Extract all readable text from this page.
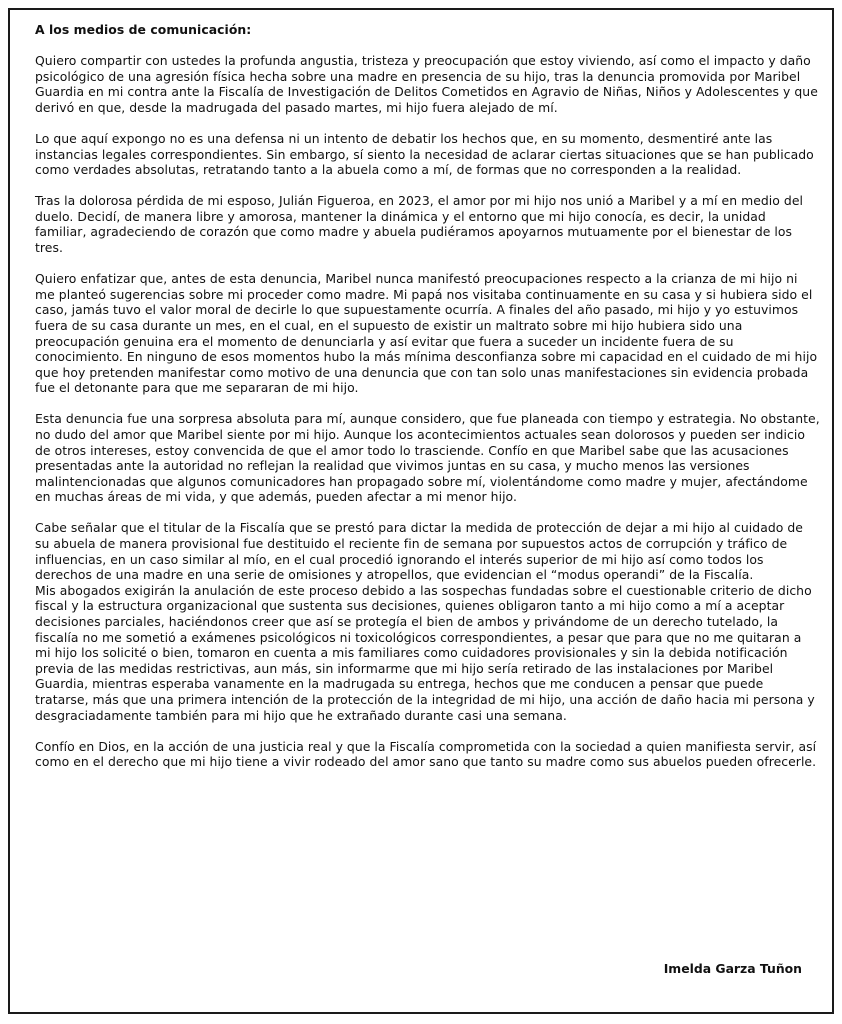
A los medios de comunicación:

Quiero compartir con ustedes la profunda angustia, tristeza y preocupación que estoy viviendo, así como el impacto y daño psicológico de una agresión física hecha sobre una madre en presencia de su hijo, tras la denuncia promovida por Maribel Guardia en mi contra ante la Fiscalía de Investigación de Delitos Cometidos en Agravio de Niñas, Niños y Adolescentes y que derivó en que, desde la madrugada del pasado martes, mi hijo fuera alejado de mí.

Lo que aquí expongo no es una defensa ni un intento de debatir los hechos que, en su momento, desmentiré ante las instancias legales correspondientes. Sin embargo, sí siento la necesidad de aclarar ciertas situaciones que se han publicado como verdades absolutas, retratando tanto a la abuela como a mí, de formas que no corresponden a la realidad.

Tras la dolorosa pérdida de mi esposo, Julián Figueroa, en 2023, el amor por mi hijo nos unió a Maribel y a mí en medio del duelo. Decidí, de manera libre y amorosa, mantener la dinámica y el entorno que mi hijo conocía, es decir, la unidad familiar, agradeciendo de corazón que como madre y abuela pudiéramos apoyarnos mutuamente por el bienestar de los tres.

Quiero enfatizar que, antes de esta denuncia, Maribel nunca manifestó preocupaciones respecto a la crianza de mi hijo ni me planteó sugerencias sobre mi proceder como madre. Mi papá nos visitaba continuamente en su casa y si hubiera sido el caso, jamás tuvo el valor moral de decirle lo que supuestamente ocurría. A finales del año pasado, mi hijo y yo estuvimos fuera de su casa durante un mes, en el cual, en el supuesto de existir un maltrato sobre mi hijo hubiera sido una preocupación genuina era el momento de denunciarla y así evitar que fuera a suceder un incidente fuera de su conocimiento. En ninguno de esos momentos hubo la más mínima desconfianza sobre mi capacidad en el cuidado de mi hijo que hoy pretenden manifestar como motivo de una denuncia que con tan solo unas manifestaciones sin evidencia probada fue el detonante para que me separaran de mi hijo.

Esta denuncia fue una sorpresa absoluta para mí, aunque considero, que fue planeada con tiempo y estrategia. No obstante, no dudo del amor que Maribel siente por mi hijo. Aunque los acontecimientos actuales sean dolorosos y pueden ser indicio de otros intereses, estoy convencida de que el amor todo lo trasciende. Confío en que Maribel sabe que las acusaciones presentadas ante la autoridad no reflejan la realidad que vivimos juntas en su casa, y mucho menos las versiones malintencionadas que algunos comunicadores han propagado sobre mí, violentándome como madre y mujer, afectándome en muchas áreas de mi vida, y que además, pueden afectar a mi menor hijo.

Cabe señalar que el titular de la Fiscalía que se prestó para dictar la medida de protección de dejar a mi hijo al cuidado de su abuela de manera provisional fue destituido el reciente fin de semana por supuestos actos de corrupción y tráfico de influencias, en un caso similar al mío, en el cual procedió ignorando el interés superior de mi hijo así como todos los derechos de una madre en una serie de omisiones y atropellos, que evidencian el “modus operandi” de la Fiscalía.

Mis abogados exigirán la anulación de este proceso debido a las sospechas fundadas sobre el cuestionable criterio de dicho fiscal y la estructura organizacional que sustenta sus decisiones, quienes obligaron tanto a mi hijo como a mí a aceptar decisiones parciales, haciéndonos creer que así se protegía el bien de ambos y privándome de un derecho tutelado, la fiscalía no me sometió a exámenes psicológicos ni toxicológicos correspondientes, a pesar que para que no me quitaran a mi hijo los solicité o bien, tomaron en cuenta a mis familiares como cuidadores provisionales y sin la debida notificación previa de las medidas restrictivas, aun más, sin informarme que mi hijo sería retirado de las instalaciones por Maribel Guardia, mientras esperaba vanamente en la madrugada su entrega, hechos que me conducen a pensar que puede tratarse, más que una primera intención de la protección de la integridad de mi hijo, una acción de daño hacia mi persona y desgraciadamente también para mi hijo que he extrañado durante casi una semana.

Confío en Dios, en la acción de una justicia real y que la Fiscalía comprometida con la sociedad a quien manifiesta servir, así como en el derecho que mi hijo tiene a vivir rodeado del amor sano que tanto su madre como sus abuelos pueden ofrecerle.

Imelda Garza Tuñon
